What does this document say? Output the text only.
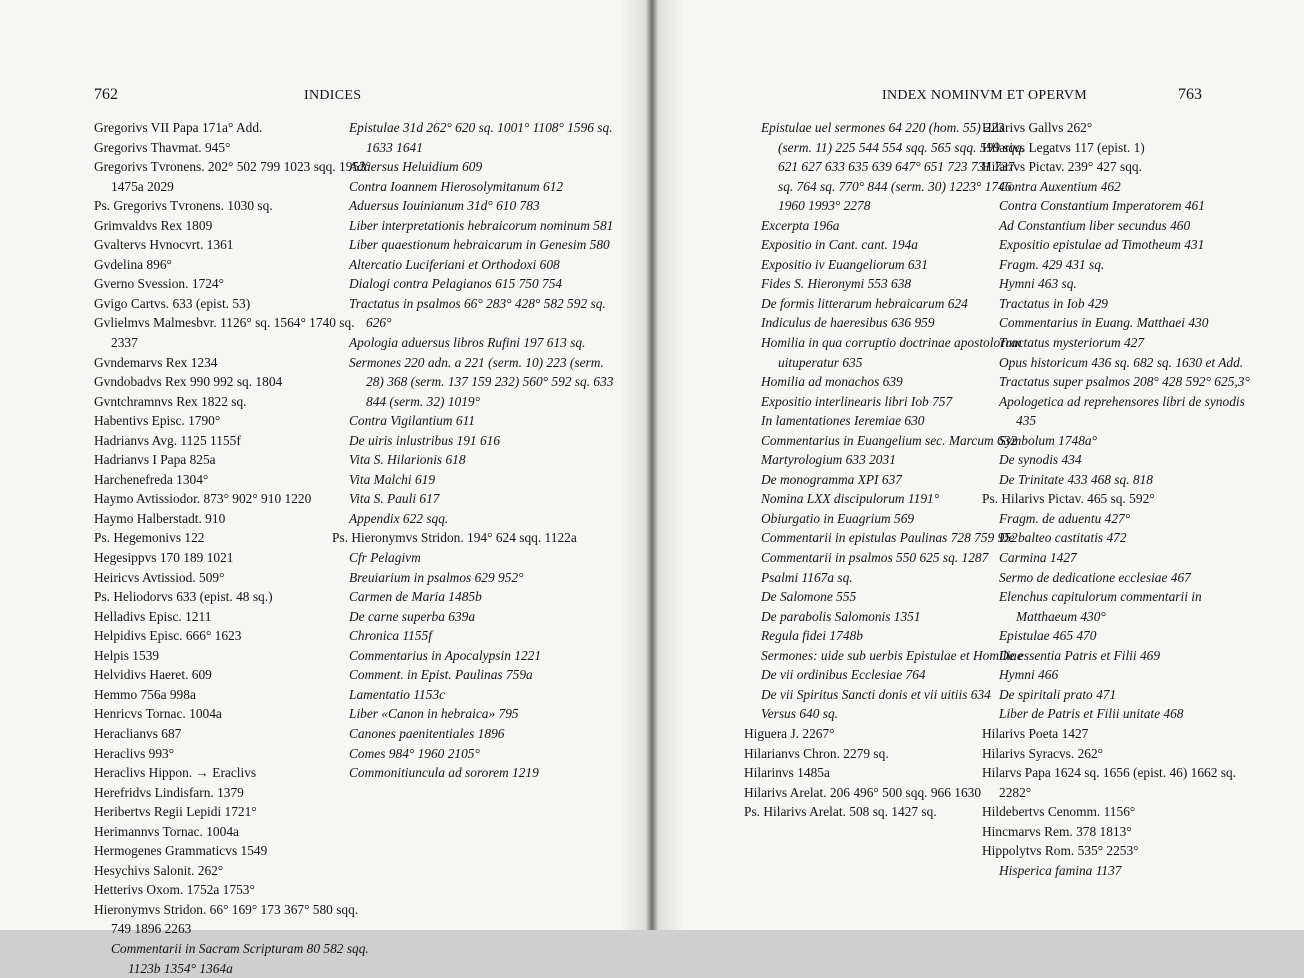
762	INDICES

Gregorivs VII Papa 171a° Add.

Gregorivs Thavmat. 945°

Gregorivs Tvronens. 202° 502 799 1023 sqq. 1953° 1475a 2029

Ps. Gregorivs Tvronens. 1030 sq.

Grimvaldvs Rex 1809

Gvaltervs Hvnocvrt. 1361

Gvdelina 896°

Gverno Svession. 1724°

Gvigo Cartvs. 633 (epist. 53)

Gvlielmvs Malmesbvr. 1126° sq. 1564° 1740 sq. 2337

Gvndemarvs Rex 1234

Gvndobadvs Rex 990 992 sq. 1804

Gvntchramnvs Rex 1822 sq.

Habentivs Episc. 1790°

Hadrianvs Avg. 1125 1155f

Hadrianvs I Papa 825a

Harchenefreda 1304°

Haymo Avtissiodor. 873° 902° 910 1220

Haymo Halberstadt. 910

Ps. Hegemonivs 122

Hegesippvs 170 189 1021

Heiricvs Avtissiod. 509°

Ps. Heliodorvs 633 (epist. 48 sq.)

Helladivs Episc. 1211

Helpidivs Episc. 666° 1623

Helpis 1539

Helvidivs Haeret. 609

Hemmo 756a 998a

Henricvs Tornac. 1004a

Heraclianvs 687

Heraclivs 993°

Heraclivs Hippon. → Eraclivs

Herefridvs Lindisfarn. 1379

Heribertvs Regii Lepidi 1721°

Herimannvs Tornac. 1004a

Hermogenes Grammaticvs 1549

Hesychivs Salonit. 262°

Hetterivs Oxom. 1752a 1753°

Hieronymvs Stridon. 66° 169° 173 367° 580 sqq. 749 1896 2263

Commentarii in Sacram Scripturam 80 582 sqq. 1123b 1354° 1364a

Epistulae 31d 262° 620 sq. 1001° 1108° 1596 sq. 1633 1641

Aduersus Heluidium 609

Contra Ioannem Hierosolymitanum 612

Aduersus Iouinianum 31d° 610 783

Liber interpretationis hebraicorum nominum 581

Liber quaestionum hebraicarum in Genesim 580

Altercatio Luciferiani et Orthodoxi 608

Dialogi contra Pelagianos 615 750 754

Tractatus in psalmos 66° 283° 428° 582 592 sq. 626°

Apologia aduersus libros Rufini 197 613 sq.

Sermones 220 adn. a 221 (serm. 10) 223 (serm. 28) 368 (serm. 137 159 232) 560° 592 sq. 633 844 (serm. 32) 1019°

Contra Vigilantium 611

De uiris inlustribus 191 616

Vita S. Hilarionis 618

Vita Malchi 619

Vita S. Pauli 617

Appendix 622 sqq.

Ps. Hieronymvs Stridon. 194° 624 sqq. 1122a

Cfr Pelagivm

Breuiarium in psalmos 629 952°

Carmen de Maria 1485b

De carne superba 639a

Chronica 1155f

Commentarius in Apocalypsin 1221

Comment. in Epist. Paulinas 759a

Lamentatio 1153c

Liber «Canon in hebraica» 795

Canones paenitentiales 1896

Comes 984° 1960 2105°

Commonitiuncula ad sororem 1219

INDEX NOMINVM ET OPERVM	763

Epistulae uel sermones 64 220 (hom. 55) 223 (serm. 11) 225 544 554 sqq. 565 sqq. 599 sqq. 621 627 633 635 639 647° 651 723 731 737 sq. 764 sq. 770° 844 (serm. 30) 1223° 1746 1960 1993° 2278

Excerpta 196a

Expositio in Cant. cant. 194a

Expositio iv Euangeliorum 631

Fides S. Hieronymi 553 638

De formis litterarum hebraicarum 624

Indiculus de haeresibus 636 959

Homilia in qua corruptio doctrinae apostolorum uituperatur 635

Homilia ad monachos 639

Expositio interlinearis libri Iob 757

In lamentationes Ieremiae 630

Commentarius in Euangelium sec. Marcum 632

Martyrologium 633 2031

De monogramma XPI 637

Nomina LXX discipulorum 1191°

Obiurgatio in Euagrium 569

Commentarii in epistulas Paulinas 728 759 952

Commentarii in psalmos 550 625 sq. 1287

Psalmi 1167a sq.

De Salomone 555

De parabolis Salomonis 1351

Regula fidei 1748b

Sermones: uide sub uerbis Epistulae et Homiliae

De vii ordinibus Ecclesiae 764

De vii Spiritus Sancti donis et vii uitiis 634

Versus 640 sq.

Higuera J. 2267°

Hilarianvs Chron. 2279 sq.

Hilarinvs 1485a

Hilarivs Arelat. 206 496° 500 sqq. 966 1630

Ps. Hilarivs Arelat. 508 sq. 1427 sq.

Hilarivs Gallvs 262°

Hilarivs Legatvs 117 (epist. 1)

Hilarivs Pictav. 239° 427 sqq.

Contra Auxentium 462

Contra Constantium Imperatorem 461

Ad Constantium liber secundus 460

Expositio epistulae ad Timotheum 431

Fragm. 429 431 sq.

Hymni 463 sq.

Tractatus in Iob 429

Commentarius in Euang. Matthaei 430

Tractatus mysteriorum 427

Opus historicum 436 sq. 682 sq. 1630 et Add.

Tractatus super psalmos 208° 428 592° 625,3°

Apologetica ad reprehensores libri de synodis 435

Symbolum 1748a°

De synodis 434

De Trinitate 433 468 sq. 818

Ps. Hilarivs Pictav. 465 sq. 592°

Fragm. de aduentu 427°

De balteo castitatis 472

Carmina 1427

Sermo de dedicatione ecclesiae 467

Elenchus capitulorum commentarii in Matthaeum 430°

Epistulae 465 470

De essentia Patris et Filii 469

Hymni 466

De spiritali prato 471

Liber de Patris et Filii unitate 468

Hilarivs Poeta 1427

Hilarivs Syracvs. 262°

Hilarvs Papa 1624 sq. 1656 (epist. 46) 1662 sq. 2282°

Hildebertvs Cenomm. 1156°

Hincmarvs Rem. 378 1813°

Hippolytvs Rom. 535° 2253°

Hisperica famina 1137
